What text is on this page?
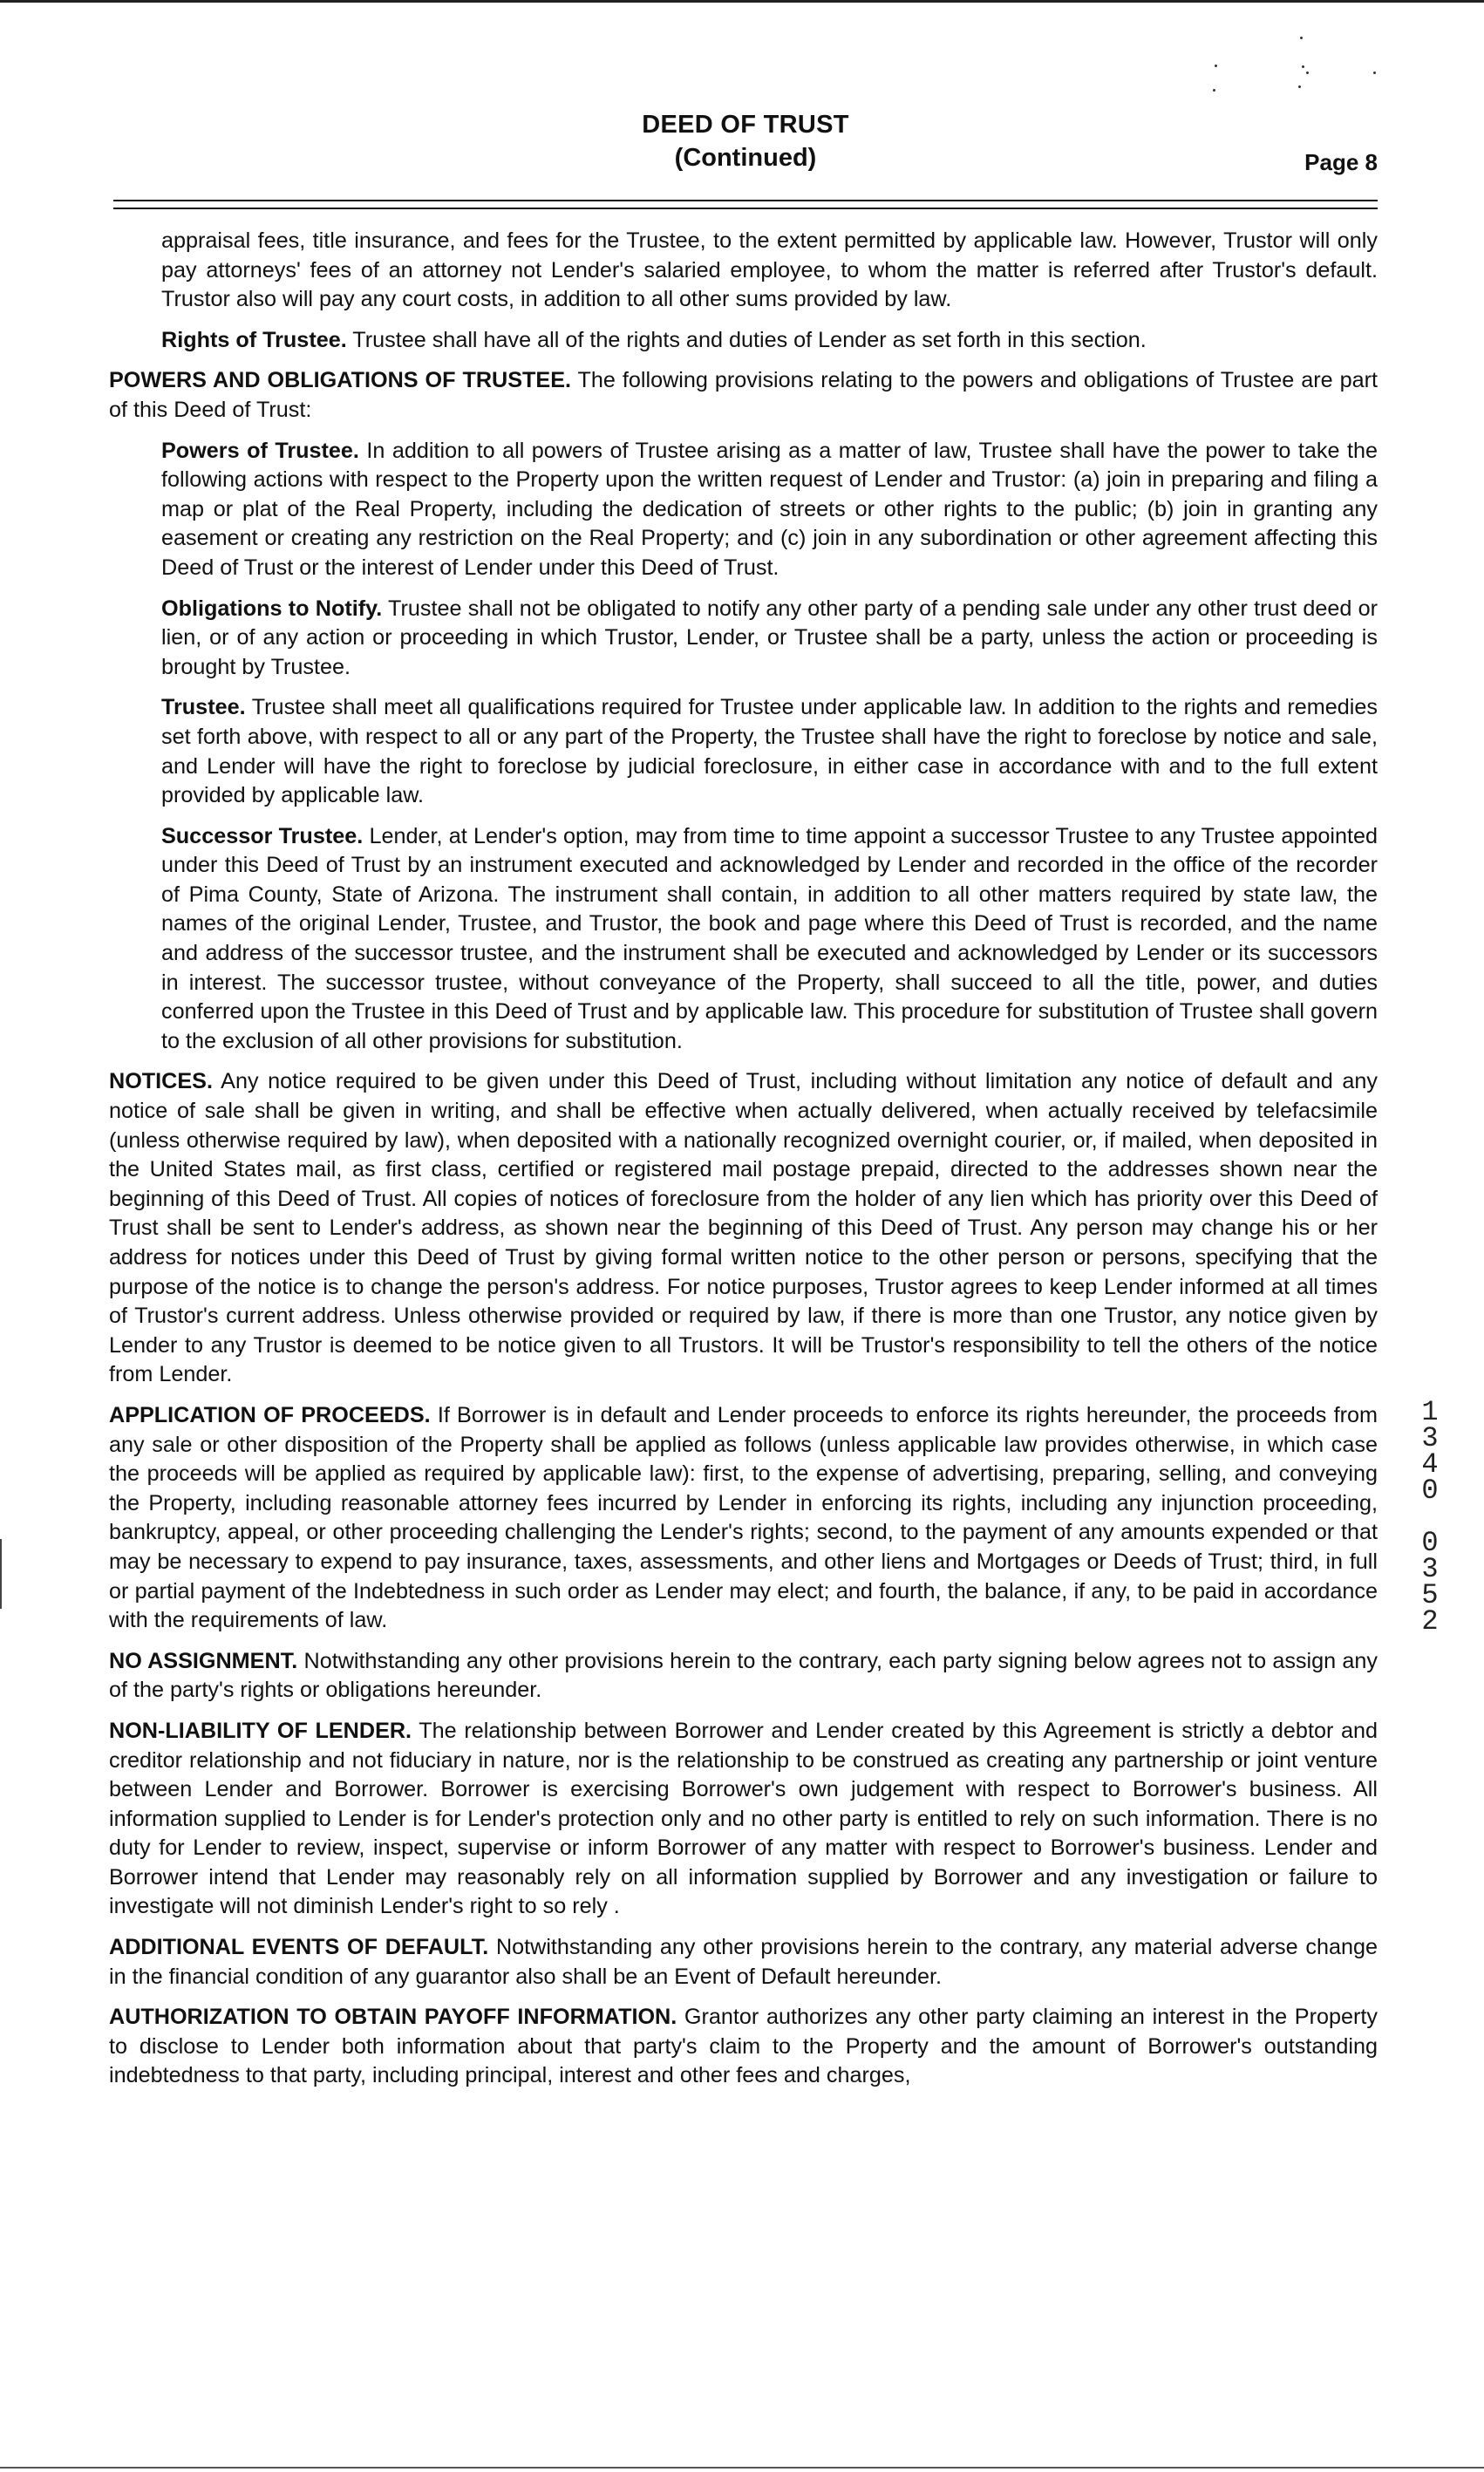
DEED OF TRUST
(Continued)	Page 8

appraisal fees, title insurance, and fees for the Trustee, to the extent permitted by applicable law. However, Trustor will only pay attorneys' fees of an attorney not Lender's salaried employee, to whom the matter is referred after Trustor's default. Trustor also will pay any court costs, in addition to all other sums provided by law.

Rights of Trustee. Trustee shall have all of the rights and duties of Lender as set forth in this section.

POWERS AND OBLIGATIONS OF TRUSTEE. The following provisions relating to the powers and obligations of Trustee are part of this Deed of Trust:

Powers of Trustee. In addition to all powers of Trustee arising as a matter of law, Trustee shall have the power to take the following actions with respect to the Property upon the written request of Lender and Trustor: (a) join in preparing and filing a map or plat of the Real Property, including the dedication of streets or other rights to the public; (b) join in granting any easement or creating any restriction on the Real Property; and (c) join in any subordination or other agreement affecting this Deed of Trust or the interest of Lender under this Deed of Trust.

Obligations to Notify. Trustee shall not be obligated to notify any other party of a pending sale under any other trust deed or lien, or of any action or proceeding in which Trustor, Lender, or Trustee shall be a party, unless the action or proceeding is brought by Trustee.

Trustee. Trustee shall meet all qualifications required for Trustee under applicable law. In addition to the rights and remedies set forth above, with respect to all or any part of the Property, the Trustee shall have the right to foreclose by notice and sale, and Lender will have the right to foreclose by judicial foreclosure, in either case in accordance with and to the full extent provided by applicable law.

Successor Trustee. Lender, at Lender's option, may from time to time appoint a successor Trustee to any Trustee appointed under this Deed of Trust by an instrument executed and acknowledged by Lender and recorded in the office of the recorder of Pima County, State of Arizona. The instrument shall contain, in addition to all other matters required by state law, the names of the original Lender, Trustee, and Trustor, the book and page where this Deed of Trust is recorded, and the name and address of the successor trustee, and the instrument shall be executed and acknowledged by Lender or its successors in interest. The successor trustee, without conveyance of the Property, shall succeed to all the title, power, and duties conferred upon the Trustee in this Deed of Trust and by applicable law. This procedure for substitution of Trustee shall govern to the exclusion of all other provisions for substitution.

NOTICES. Any notice required to be given under this Deed of Trust, including without limitation any notice of default and any notice of sale shall be given in writing, and shall be effective when actually delivered, when actually received by telefacsimile (unless otherwise required by law), when deposited with a nationally recognized overnight courier, or, if mailed, when deposited in the United States mail, as first class, certified or registered mail postage prepaid, directed to the addresses shown near the beginning of this Deed of Trust. All copies of notices of foreclosure from the holder of any lien which has priority over this Deed of Trust shall be sent to Lender's address, as shown near the beginning of this Deed of Trust. Any person may change his or her address for notices under this Deed of Trust by giving formal written notice to the other person or persons, specifying that the purpose of the notice is to change the person's address. For notice purposes, Trustor agrees to keep Lender informed at all times of Trustor's current address. Unless otherwise provided or required by law, if there is more than one Trustor, any notice given by Lender to any Trustor is deemed to be notice given to all Trustors. It will be Trustor's responsibility to tell the others of the notice from Lender.

APPLICATION OF PROCEEDS. If Borrower is in default and Lender proceeds to enforce its rights hereunder, the proceeds from any sale or other disposition of the Property shall be applied as follows (unless applicable law provides otherwise, in which case the proceeds will be applied as required by applicable law): first, to the expense of advertising, preparing, selling, and conveying the Property, including reasonable attorney fees incurred by Lender in enforcing its rights, including any injunction proceeding, bankruptcy, appeal, or other proceeding challenging the Lender's rights; second, to the payment of any amounts expended or that may be necessary to expend to pay insurance, taxes, assessments, and other liens and Mortgages or Deeds of Trust; third, in full or partial payment of the Indebtedness in such order as Lender may elect; and fourth, the balance, if any, to be paid in accordance with the requirements of law.

NO ASSIGNMENT. Notwithstanding any other provisions herein to the contrary, each party signing below agrees not to assign any of the party's rights or obligations hereunder.

NON-LIABILITY OF LENDER. The relationship between Borrower and Lender created by this Agreement is strictly a debtor and creditor relationship and not fiduciary in nature, nor is the relationship to be construed as creating any partnership or joint venture between Lender and Borrower. Borrower is exercising Borrower's own judgement with respect to Borrower's business. All information supplied to Lender is for Lender's protection only and no other party is entitled to rely on such information. There is no duty for Lender to review, inspect, supervise or inform Borrower of any matter with respect to Borrower's business. Lender and Borrower intend that Lender may reasonably rely on all information supplied by Borrower and any investigation or failure to investigate will not diminish Lender's right to so rely .

ADDITIONAL EVENTS OF DEFAULT. Notwithstanding any other provisions herein to the contrary, any material adverse change in the financial condition of any guarantor also shall be an Event of Default hereunder.

AUTHORIZATION TO OBTAIN PAYOFF INFORMATION. Grantor authorizes any other party claiming an interest in the Property to disclose to Lender both information about that party's claim to the Property and the amount of Borrower's outstanding indebtedness to that party, including principal, interest and other fees and charges,

1340
0352
